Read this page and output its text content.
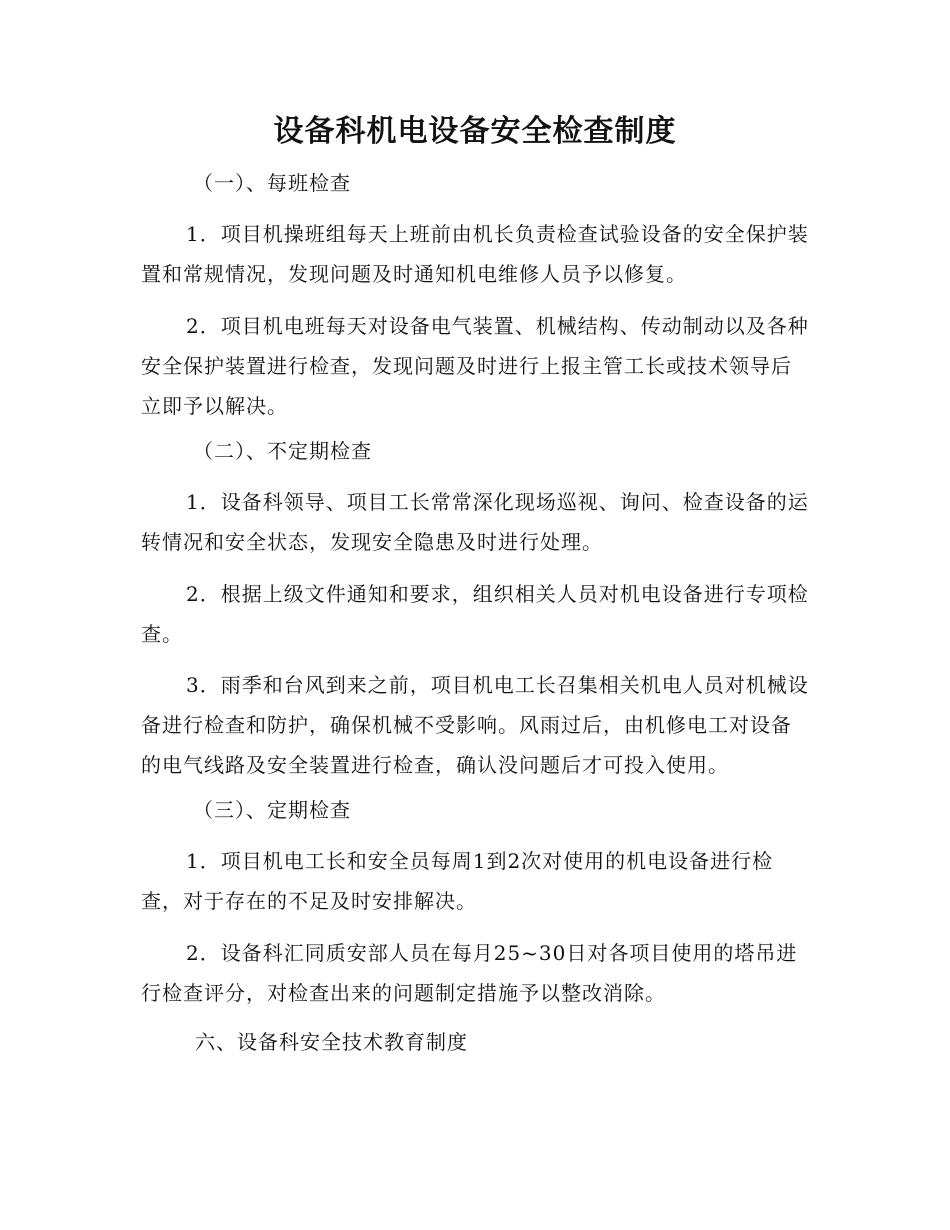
设备科机电设备安全检查制度

（一）、每班检查

1．项目机操班组每天上班前由机长负责检查试验设备的安全保护装置和常规情况，发现问题及时通知机电维修人员予以修复。

2．项目机电班每天对设备电气装置、机械结构、传动制动以及各种安全保护装置进行检查，发现问题及时进行上报主管工长或技术领导后立即予以解决。

（二）、不定期检查

1．设备科领导、项目工长常常深化现场巡视、询问、检查设备的运转情况和安全状态，发现安全隐患及时进行处理。

2．根据上级文件通知和要求，组织相关人员对机电设备进行专项检查。

3．雨季和台风到来之前，项目机电工长召集相关机电人员对机械设备进行检查和防护，确保机械不受影响。风雨过后，由机修电工对设备的电气线路及安全装置进行检查，确认没问题后才可投入使用。

（三）、定期检查

1．项目机电工长和安全员每周1到2次对使用的机电设备进行检查，对于存在的不足及时安排解决。

2．设备科汇同质安部人员在每月25~30日对各项目使用的塔吊进行检查评分，对检查出来的问题制定措施予以整改消除。

六、设备科安全技术教育制度
